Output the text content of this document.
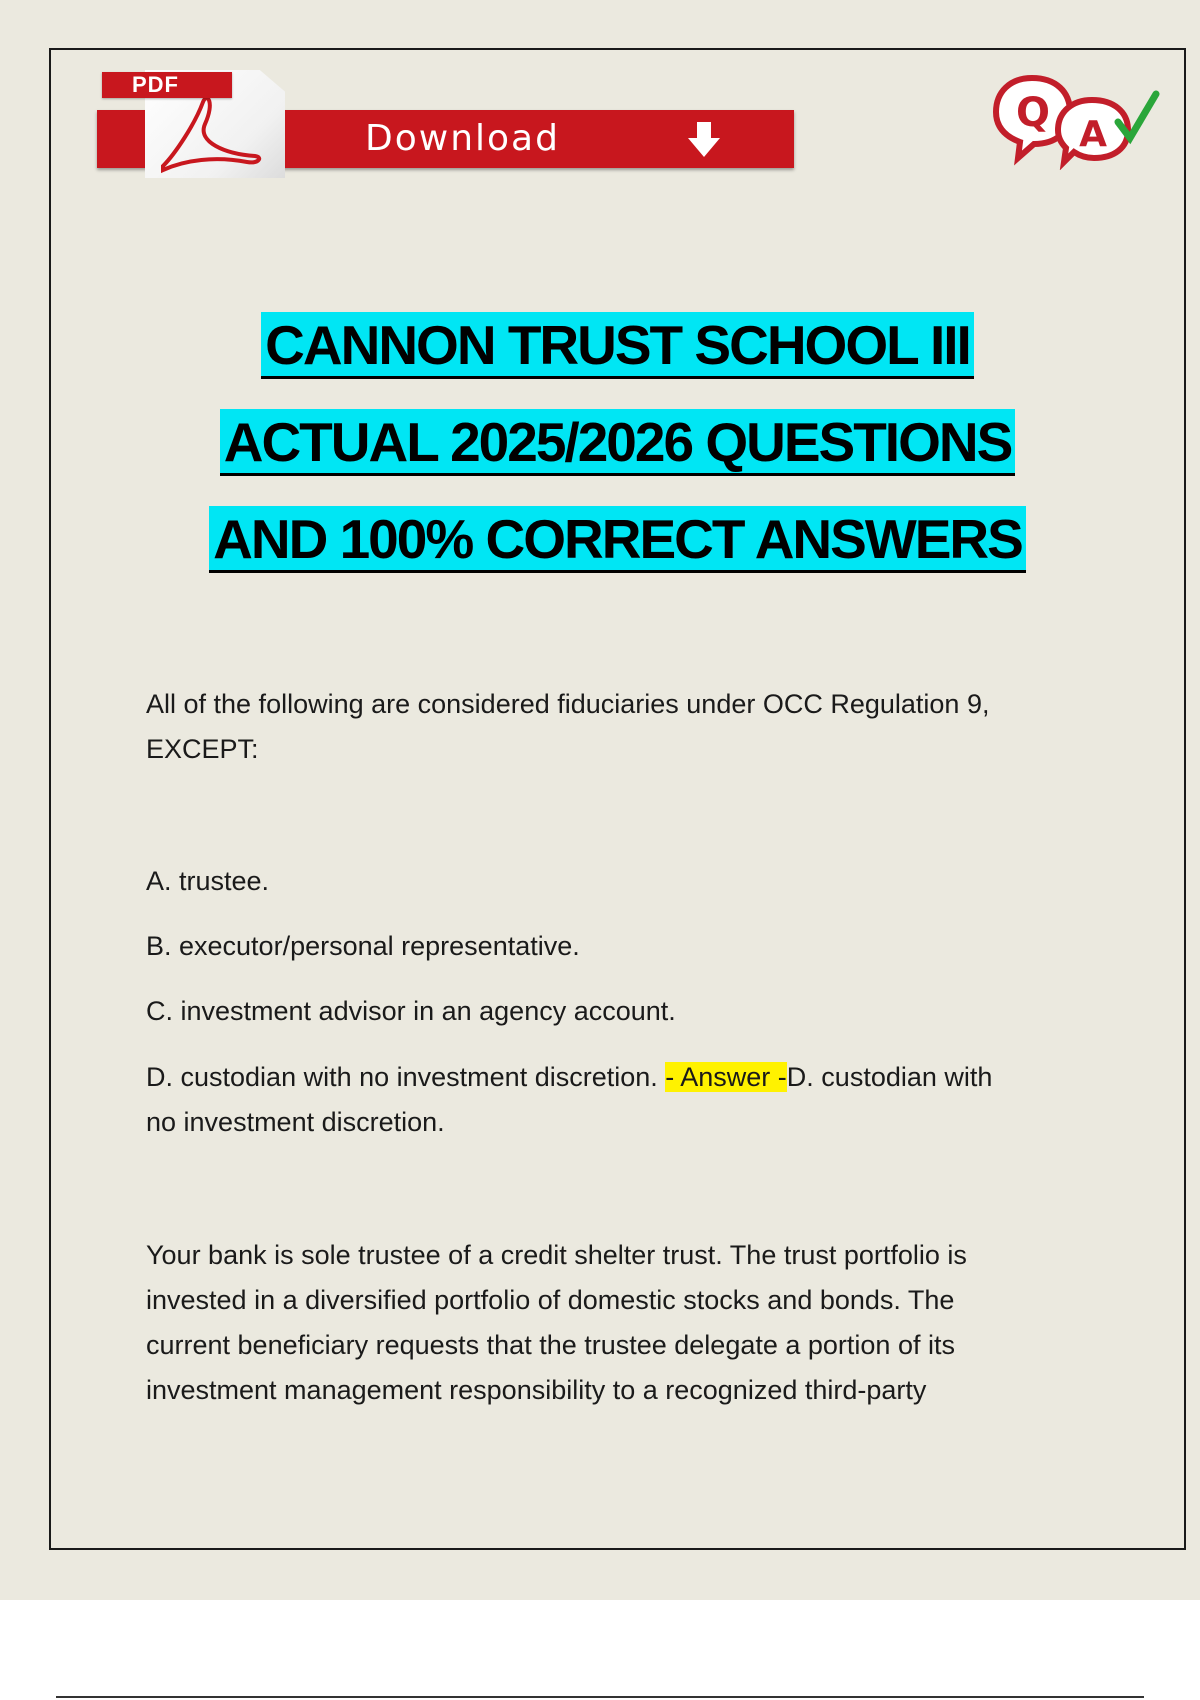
PDF
Download
Q A
CANNON TRUST SCHOOL III
ACTUAL 2025/2026 QUESTIONS
AND 100% CORRECT ANSWERS
All of the following are considered fiduciaries under OCC Regulation 9,
EXCEPT:
A. trustee.
B. executor/personal representative.
C. investment advisor in an agency account.
D. custodian with no investment discretion. - Answer -D. custodian with
no investment discretion.
Your bank is sole trustee of a credit shelter trust. The trust portfolio is
invested in a diversified portfolio of domestic stocks and bonds. The
current beneficiary requests that the trustee delegate a portion of its
investment management responsibility to a recognized third-party
